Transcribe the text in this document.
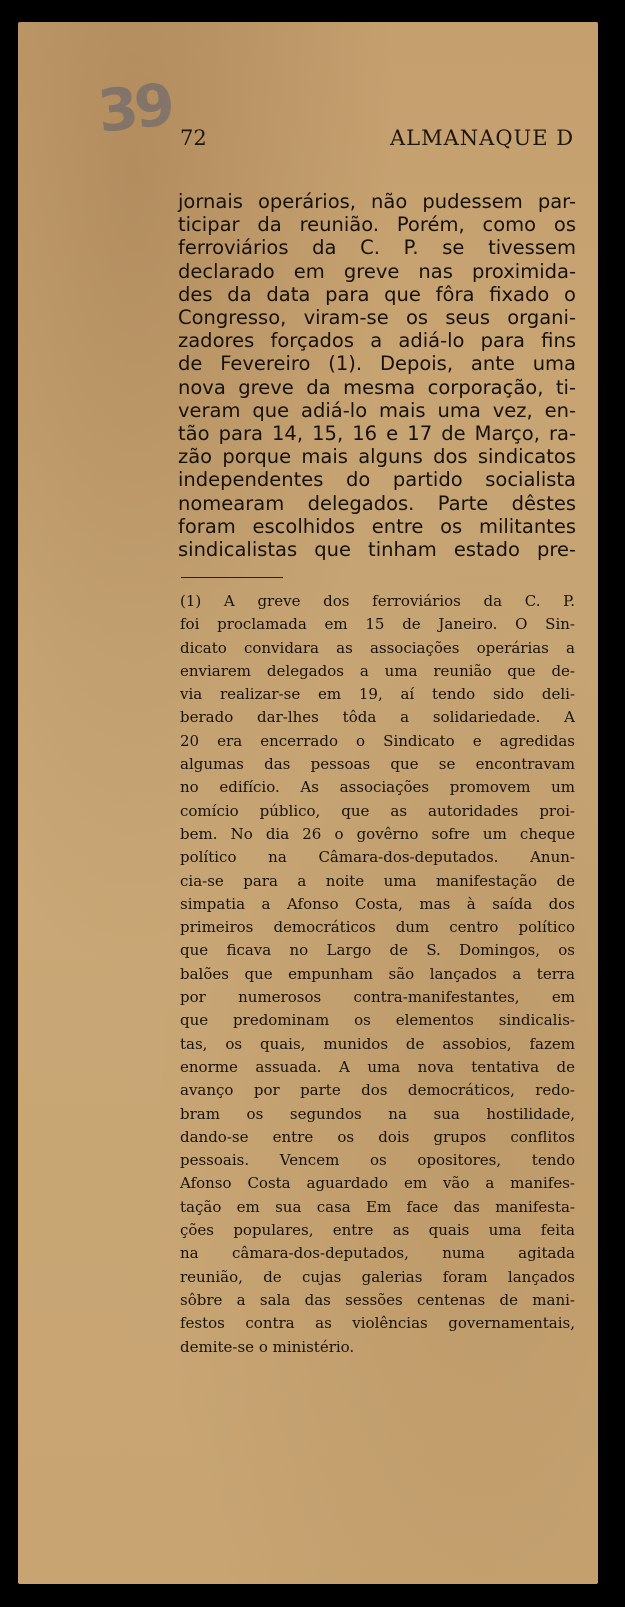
39 72	ALMANAQUE D
jornais operários, não pudessem par-
ticipar da reunião. Porém, como os
ferroviários da C. P. se tivessem
declarado em greve nas proximida-
des da data para que fôra fixado o
Congresso, viram-se os seus organi-
zadores forçados a adiá-lo para fins
de Fevereiro (1). Depois, ante uma
nova greve da mesma corporação, ti-
veram que adiá-lo mais uma vez, en-
tão para 14, 15, 16 e 17 de Março, ra-
zão porque mais alguns dos sindicatos
independentes do partido socialista
nomearam delegados. Parte dêstes
foram escolhidos entre os militantes
sindicalistas que tinham estado pre-
(1) A greve dos ferroviários da C. P.
foi proclamada em 15 de Janeiro. O Sin-
dicato convidara as associações operárias a
enviarem delegados a uma reunião que de-
via realizar-se em 19, aí tendo sido deli-
berado dar-lhes tôda a solidariedade. A
20 era encerrado o Sindicato e agredidas
algumas das pessoas que se encontravam
no edifício. As associações promovem um
comício público, que as autoridades proi-
bem. No dia 26 o govêrno sofre um cheque
político na Câmara-dos-deputados. Anun-
cia-se para a noite uma manifestação de
simpatia a Afonso Costa, mas à saída dos
primeiros democráticos dum centro político
que ficava no Largo de S. Domingos, os
balões que empunham são lançados a terra
por numerosos contra-manifestantes, em
que predominam os elementos sindicalis-
tas, os quais, munidos de assobios, fazem
enorme assuada. A uma nova tentativa de
avanço por parte dos democráticos, redo-
bram os segundos na sua hostilidade,
dando-se entre os dois grupos conflitos
pessoais. Vencem os opositores, tendo
Afonso Costa aguardado em vão a manifes-
tação em sua casa Em face das manifesta-
ções populares, entre as quais uma feita
na câmara-dos-deputados, numa agitada
reunião, de cujas galerias foram lançados
sôbre a sala das sessões centenas de mani-
festos contra as violências governamentais,
demite-se o ministério.
